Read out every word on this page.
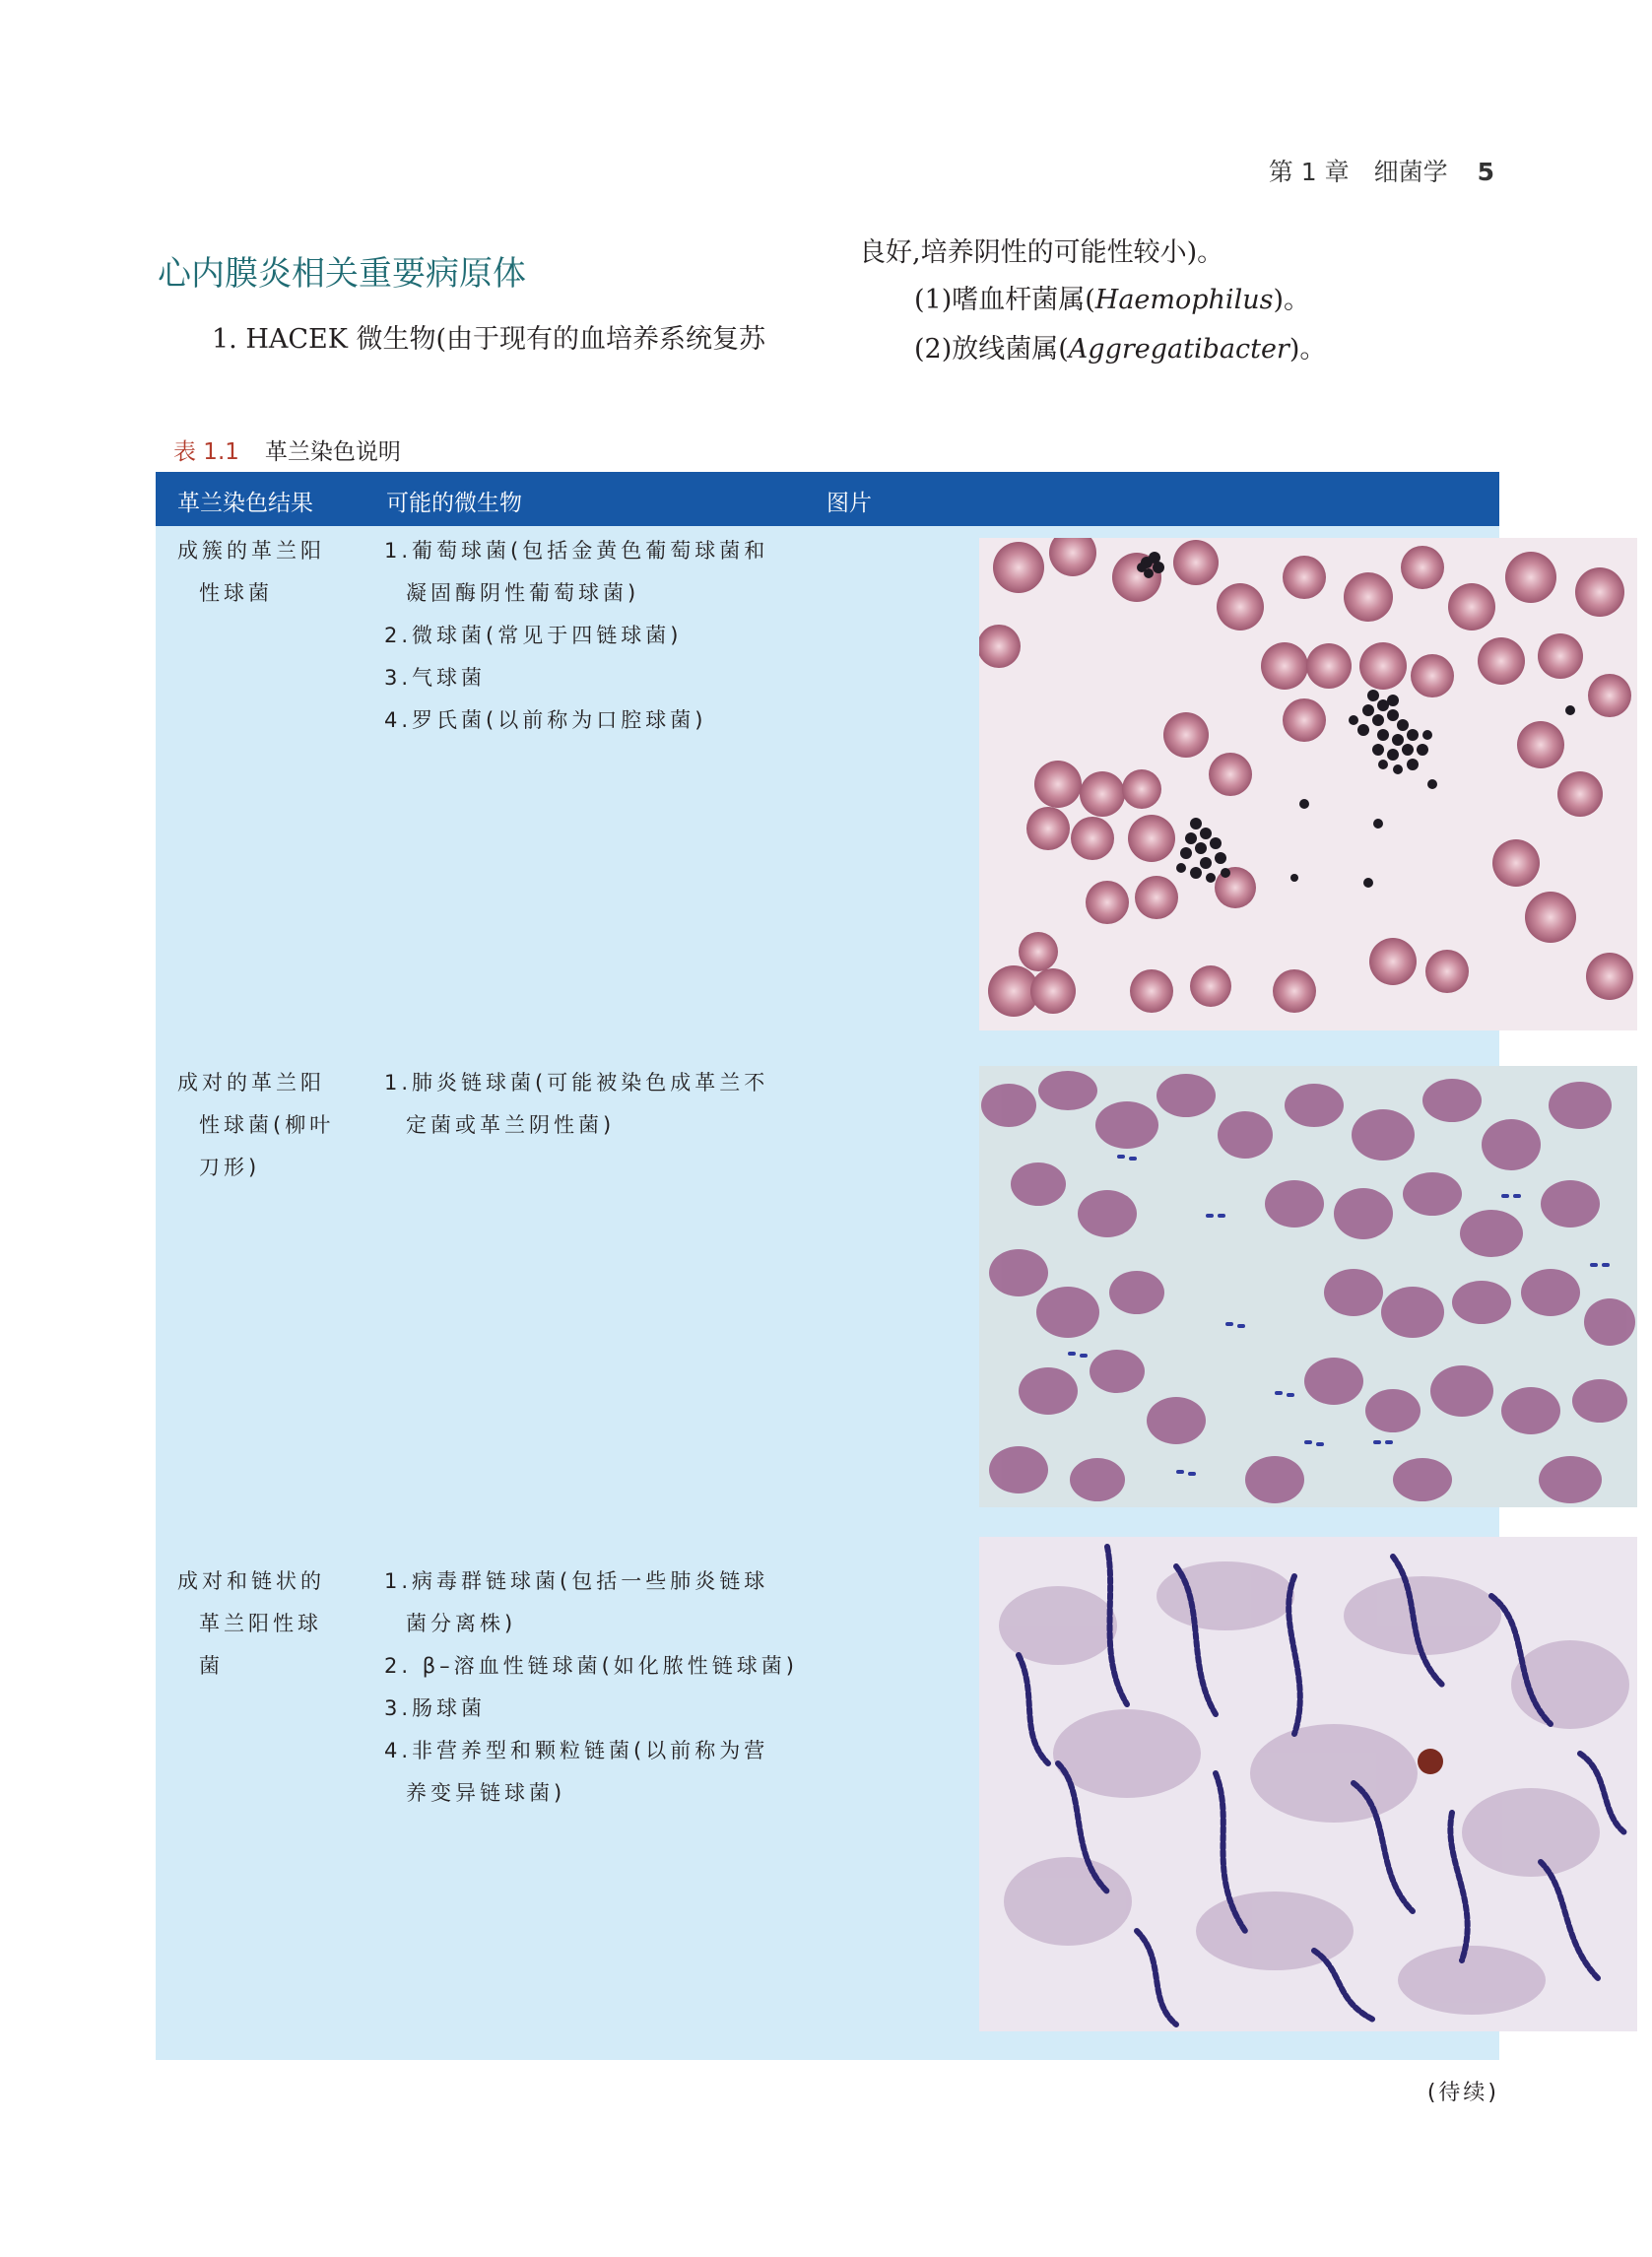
第 1 章　细菌学 5
心内膜炎相关重要病原体
1. HACEK 微生物(由于现有的血培养系统复苏
良好,培养阴性的可能性较小)。
(1)嗜血杆菌属(Haemophilus)。
(2)放线菌属(Aggregatibacter)。
表 1.1 革兰染色说明
革兰染色结果	可能的微生物	图片
成簇的革兰阳
性球菌
1.葡萄球菌(包括金黄色葡萄球菌和
凝固酶阴性葡萄球菌)
2.微球菌(常见于四链球菌)
3.气球菌
4.罗氏菌(以前称为口腔球菌)
成对的革兰阳
性球菌(柳叶
刀形)
1.肺炎链球菌(可能被染色成革兰不
定菌或革兰阴性菌)
成对和链状的
革兰阳性球
菌
1.病毒群链球菌(包括一些肺炎链球
菌分离株)
2. β–溶血性链球菌(如化脓性链球菌)
3.肠球菌
4.非营养型和颗粒链菌(以前称为营
养变异链球菌)
(待续)
